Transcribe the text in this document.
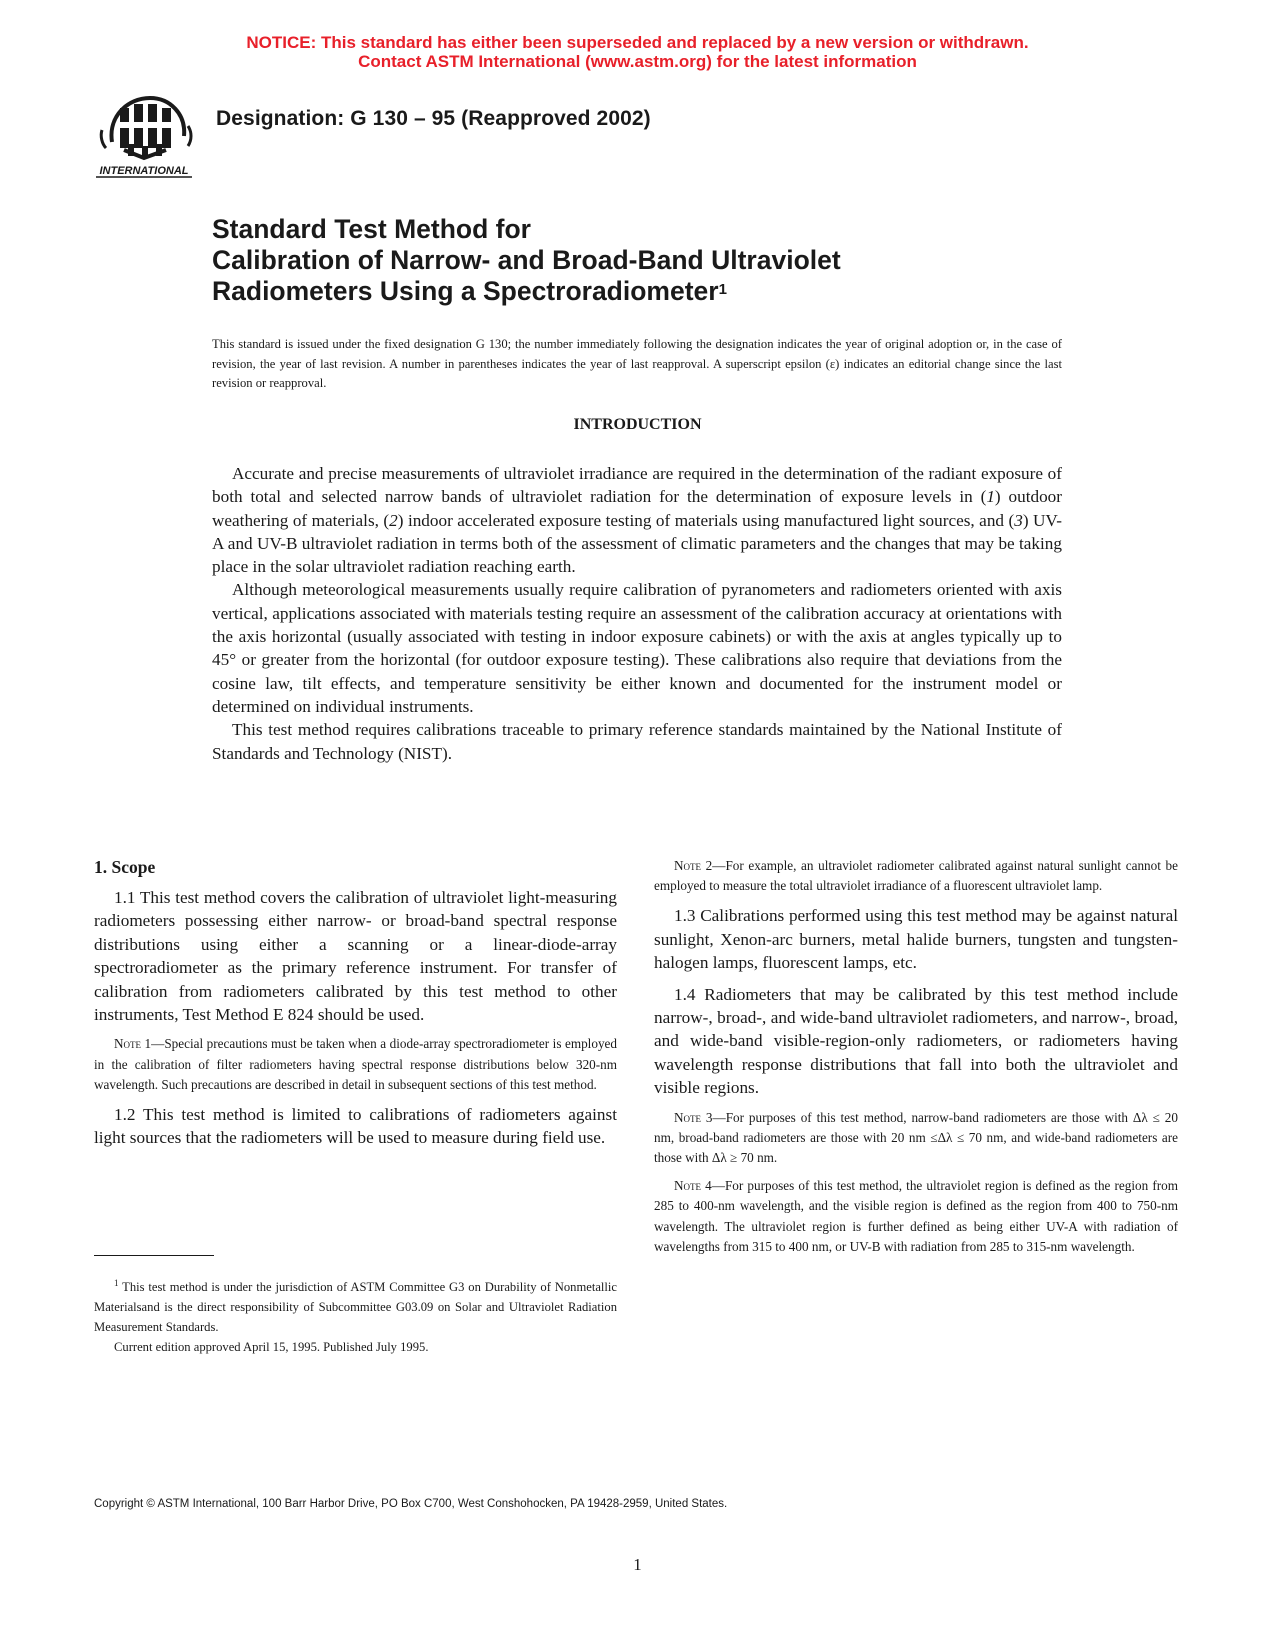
NOTICE: This standard has either been superseded and replaced by a new version or withdrawn.
Contact ASTM International (www.astm.org) for the latest information
INTERNATIONAL
Designation: G 130 – 95 (Reapproved 2002)
Standard Test Method for
Calibration of Narrow- and Broad-Band Ultraviolet
Radiometers Using a Spectroradiometer$^1$
This standard is issued under the fixed designation G 130; the number immediately following the designation indicates the year of original adoption or, in the case of revision, the year of last revision. A number in parentheses indicates the year of last reapproval. A superscript epsilon (ε) indicates an editorial change since the last revision or reapproval.
INTRODUCTION

Accurate and precise measurements of ultraviolet irradiance are required in the determination of the radiant exposure of both total and selected narrow bands of ultraviolet radiation for the determination of exposure levels in (1) outdoor weathering of materials, (2) indoor accelerated exposure testing of materials using manufactured light sources, and (3) UV-A and UV-B ultraviolet radiation in terms both of the assessment of climatic parameters and the changes that may be taking place in the solar ultraviolet radiation reaching earth.

Although meteorological measurements usually require calibration of pyranometers and radiometers oriented with axis vertical, applications associated with materials testing require an assessment of the calibration accuracy at orientations with the axis horizontal (usually associated with testing in indoor exposure cabinets) or with the axis at angles typically up to 45° or greater from the horizontal (for outdoor exposure testing). These calibrations also require that deviations from the cosine law, tilt effects, and temperature sensitivity be either known and documented for the instrument model or determined on individual instruments.

This test method requires calibrations traceable to primary reference standards maintained by the National Institute of Standards and Technology (NIST).

1. Scope

1.1 This test method covers the calibration of ultraviolet light-measuring radiometers possessing either narrow- or broad-band spectral response distributions using either a scanning or a linear-diode-array spectroradiometer as the primary reference instrument. For transfer of calibration from radiometers calibrated by this test method to other instruments, Test Method E 824 should be used.

Note 1—Special precautions must be taken when a diode-array spectroradiometer is employed in the calibration of filter radiometers having spectral response distributions below 320-nm wavelength. Such precautions are described in detail in subsequent sections of this test method.

1.2 This test method is limited to calibrations of radiometers against light sources that the radiometers will be used to measure during field use.

Note 2—For example, an ultraviolet radiometer calibrated against natural sunlight cannot be employed to measure the total ultraviolet irradiance of a fluorescent ultraviolet lamp.

1.3 Calibrations performed using this test method may be against natural sunlight, Xenon-arc burners, metal halide burners, tungsten and tungsten-halogen lamps, fluorescent lamps, etc.

1.4 Radiometers that may be calibrated by this test method include narrow-, broad-, and wide-band ultraviolet radiometers, and narrow-, broad, and wide-band visible-region-only radiometers, or radiometers having wavelength response distributions that fall into both the ultraviolet and visible regions.

Note 3—For purposes of this test method, narrow-band radiometers are those with Δλ ≤ 20 nm, broad-band radiometers are those with 20 nm ≤Δλ ≤ 70 nm, and wide-band radiometers are those with Δλ ≥ 70 nm.

Note 4—For purposes of this test method, the ultraviolet region is defined as the region from 285 to 400-nm wavelength, and the visible region is defined as the region from 400 to 750-nm wavelength. The ultraviolet region is further defined as being either UV-A with radiation of wavelengths from 315 to 400 nm, or UV-B with radiation from 285 to 315-nm wavelength.

$^1$ This test method is under the jurisdiction of ASTM Committee G3 on Durability of Nonmetallic Materialsand is the direct responsibility of Subcommittee G03.09 on Solar and Ultraviolet Radiation Measurement Standards.

Current edition approved April 15, 1995. Published July 1995.

Copyright © ASTM International, 100 Barr Harbor Drive, PO Box C700, West Conshohocken, PA 19428-2959, United States.
1
